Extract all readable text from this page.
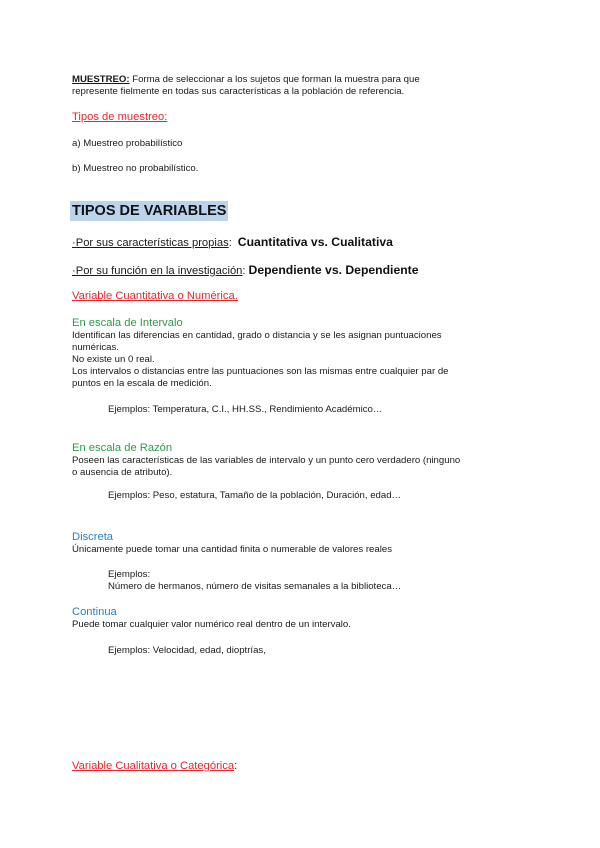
MUESTREO: Forma de seleccionar a los sujetos que forman la muestra para que

represente fielmente en todas sus características a la población de referencia.

Tipos de muestreo:

a) Muestreo probabilístico

b) Muestreo no probabilístico.

TIPOS DE VARIABLES

·Por sus características propias: Cuantitativa vs. Cualitativa

·Por su función en la investigación: Dependiente vs. Dependiente

Variable Cuantitativa o Numérica.

En escala de Intervalo

Identifican las diferencias en cantidad, grado o distancia y se les asignan puntuaciones

numéricas.

No existe un 0 real.

Los intervalos o distancias entre las puntuaciones son las mismas entre cualquier par de

puntos en la escala de medición.

Ejemplos: Temperatura, C.I., HH.SS., Rendimiento Académico…

En escala de Razón

Poseen las características de las variables de intervalo y un punto cero verdadero (ninguno

o ausencia de atributo).

Ejemplos: Peso, estatura, Tamaño de la población, Duración, edad…

Discreta

Únicamente puede tomar una cantidad finita o numerable de valores reales

Ejemplos:

Número de hermanos, número de visitas semanales a la biblioteca…

Continua

Puede tomar cualquier valor numérico real dentro de un intervalo.

Ejemplos: Velocidad, edad, dioptrías,

Variable Cualitativa o Categórica:
